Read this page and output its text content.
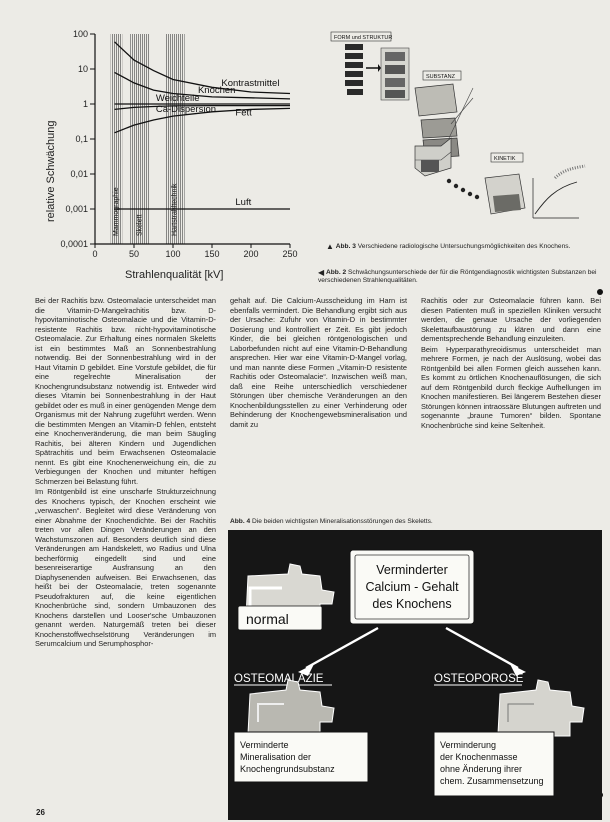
Mammographie Skelett	Hartstrahltechnik
100
10
1
0,1
0,01
0,001
0,0001
0	50	100	150	200	250
Kontrastmittel
Knochen
Weichteile
Fett
Ca-Dispersion
Luft
relative Schwächung
Strahlenqualität [kV]
FORM und STRUKTUR
SUBSTANZ
KINETIK
▲ Abb. 3 Verschiedene radiologische Untersuchungsmöglichkeiten des Knochens.
◀ Abb. 2 Schwächungsunterschiede der für die Röntgendiagnostik wichtigsten Substanzen bei verschiedenen Strahlenqualitäten.

Bei der Rachitis bzw. Osteomalacie unterscheidet man die Vitamin-D-Mangelrachitis bzw. D-hypovitaminotische Osteomalacie und die Vitamin-D-resistente Rachitis bzw. nicht-hypovitaminotische Osteomalacie. Zur Erhaltung eines normalen Skeletts ist ein bestimmtes Maß an Sonnenbestrahlung notwendig. Bei der Sonnenbestrahlung wird in der Haut Vitamin D gebildet. Eine Vorstufe gebildet, die für eine regelrechte Mineralisation der Knochengrundsubstanz notwendig ist. Entweder wird dieses Vitamin bei Sonnenbestrahlung in der Haut gebildet oder es muß in einer genügenden Menge dem Organismus mit der Nahrung zugeführt werden. Wenn die bestimmten Mengen an Vitamin-D fehlen, entsteht eine Knochenveränderung, die man beim Säugling Rachitis, bei älteren Kindern und Jugendlichen Spätrachitis und beim Erwachsenen Osteomalacie nennt. Es gibt eine Knochenerweichung ein, die zu Verbiegungen der Knochen und mitunter heftigen Schmerzen bei Belastung führt.

Im Röntgenbild ist eine unscharfe Strukturzeichnung des Knochens typisch, der Knochen erscheint wie „verwaschen“. Begleitet wird diese Veränderung von einer Abnahme der Knochendichte. Bei der Rachitis treten vor allen Dingen Veränderungen an den Wachstumszonen auf. Besonders deutlich sind diese Veränderungen am Handskelett, wo Radius und Ulna becherförmig eingedellt sind und eine besenreiserartige Ausfransung an den Diaphysenenden aufweisen. Bei Erwachsenen, das heißt bei der Osteomalacie, treten sogenannte Pseudofrakturen auf, die keine eigentlichen Knochenbrüche sind, sondern Umbauzonen des Knochens darstellen und Looser'sche Umbauzonen genannt werden. Naturgemäß treten bei dieser Knochenstoffwechselstörung Veränderungen im Serumcalcium und Serumphosphor-

gehalt auf. Die Calcium-Ausscheidung im Harn ist ebenfalls vermindert. Die Behandlung ergibt sich aus der Ursache: Zufuhr von Vitamin-D in bestimmter Dosierung und kontrolliert er Zeit. Es gibt jedoch Kinder, die bei gleichen röntgenologischen und Laborbefunden nicht auf eine Vitamin-D-Behandlung ansprechen. Hier war eine Vitamin-D-Mangel vorlag, und man nannte diese Formen „Vitamin-D resistente Rachitis oder Osteomalacie“. Inzwischen weiß man, daß eine Reihe unterschiedlich verschiedener Störungen über chemische Veränderungen an den Knochenbildungsstellen zu einer Verhinderung oder Behinderung der Knochengewebsmineralisation und damit zu

Rachitis oder zur Osteomalacie führen kann. Bei diesen Patienten muß in speziellen Kliniken versucht werden, die genaue Ursache der vorliegenden Skelettaufbaustörung zu klären und dann eine dementsprechende Behandlung einzuleiten.

Beim Hyperparathyreoidismus unterscheidet man mehrere Formen, je nach der Auslösung, wobei das Röntgenbild bei allen Formen gleich aussehen kann. Es kommt zu örtlichen Knochenauflösungen, die sich auf dem Röntgenbild durch fleckige Aufhellungen im Knochen manifestieren. Bei längerem Bestehen dieser Störungen können intraossäre Blutungen auftreten und sogenannte „braune Tumoren“ bilden. Spontane Knochenbrüche sind keine Seltenheit.

Abb. 4 Die beiden wichtigsten Mineralisationsstörungen des Skeletts.
normal
Verminderter
Calcium - Gehalt
des Knochens
OSTEOMALAZIE	OSTEOPOROSE
Verminderte
Mineralisation der
Knochengrundsubstanz
Verminderung
der Knochenmasse
ohne Änderung ihrer
chem. Zusammensetzung
26
